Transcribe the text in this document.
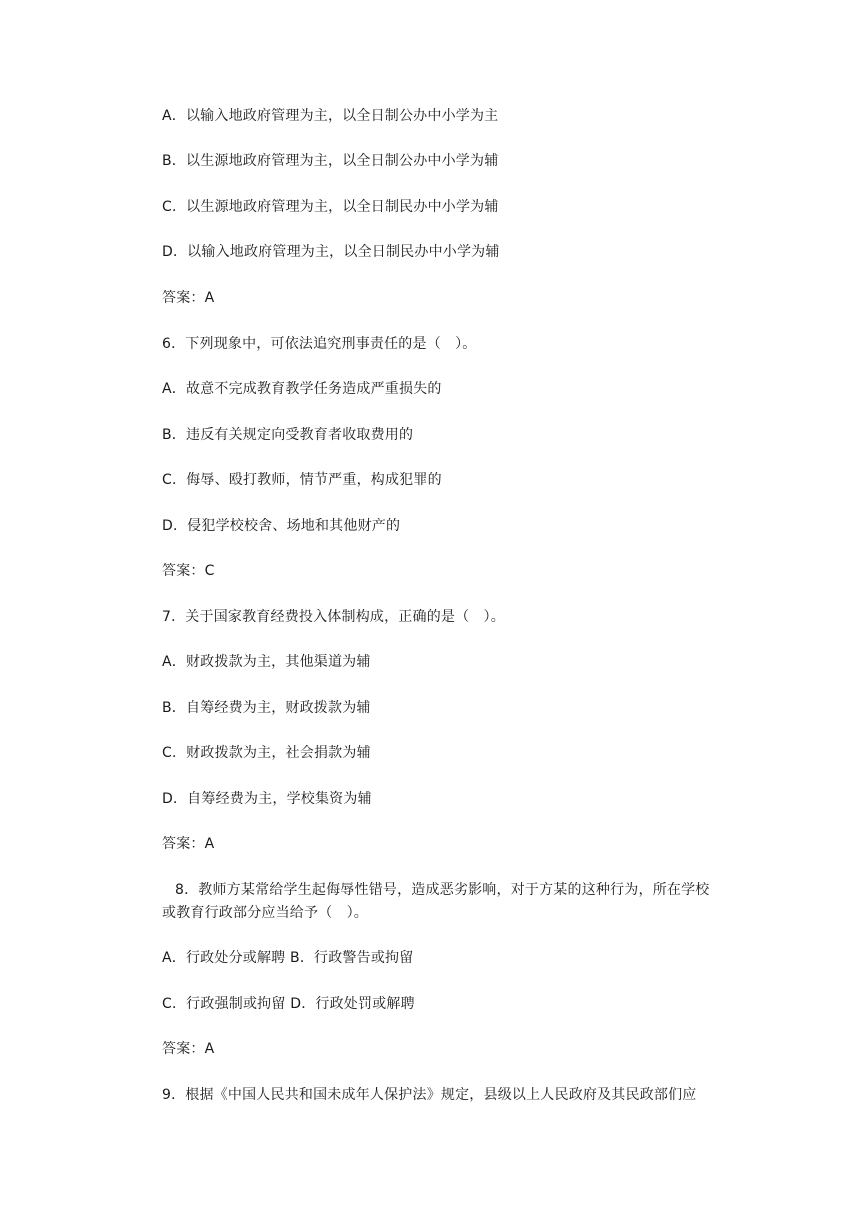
A．以输入地政府管理为主，以全日制公办中小学为主
B．以生源地政府管理为主，以全日制公办中小学为辅
C．以生源地政府管理为主，以全日制民办中小学为辅
D．以输入地政府管理为主，以全日制民办中小学为辅
答案：A
6．下列现象中，可依法追究刑事责任的是（　）。
A．故意不完成教育教学任务造成严重损失的
B．违反有关规定向受教育者收取费用的
C．侮辱、殴打教师，情节严重，构成犯罪的
D．侵犯学校校舍、场地和其他财产的
答案：C
7．关于国家教育经费投入体制构成，正确的是（　）。
A．财政拨款为主，其他渠道为辅
B．自筹经费为主，财政拨款为辅
C．财政拨款为主，社会捐款为辅
D．自筹经费为主，学校集资为辅
答案：A
8．教师方某常给学生起侮辱性错号，造成恶劣影响，对于方某的这种行为，所在学校
或教育行政部分应当给予（　）。
A．行政处分或解聘 B．行政警告或拘留
C．行政强制或拘留 D．行政处罚或解聘
答案：A
9．根据《中国人民共和国未成年人保护法》规定，县级以上人民政府及其民政部们应
